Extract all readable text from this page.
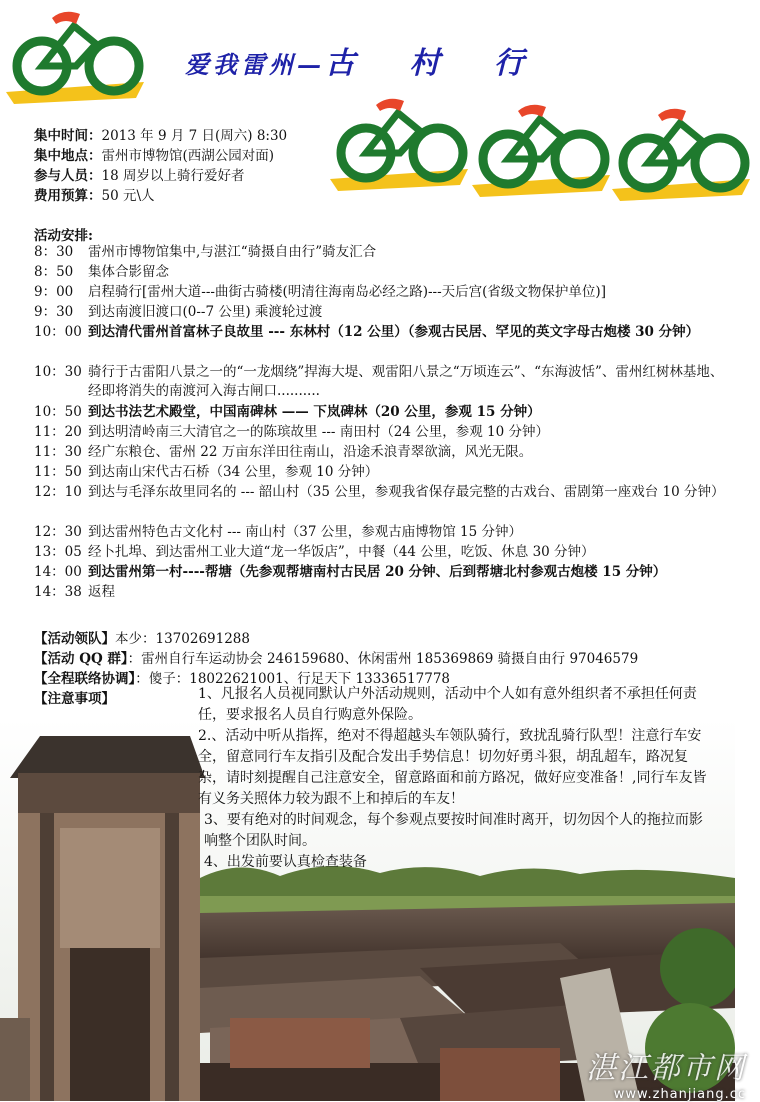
爱我雷州—古 村 行
集中时间：2013 年 9 月 7 日(周六) 8:30
集中地点：雷州市博物馆(西湖公园对面)
参与人员：18 周岁以上骑行爱好者
费用预算：50 元\人
活动安排:
8：30	雷州市博物馆集中,与湛江“骑摄自由行”骑友汇合
8：50	集体合影留念
9：00	启程骑行[雷州大道---曲街古骑楼(明清往海南岛必经之路)---天后宫(省级文物保护单位)]
9：30	到达南渡旧渡口(0--7 公里) 乘渡轮过渡
10：00 到达清代雷州首富林子良故里 --- 东林村（12 公里）（参观古民居、罕见的英文字母古炮楼 30 分钟）
10：30 骑行于古雷阳八景之一的“一龙烟绕”捍海大堤、观雷阳八景之“万顷连云”、“东海波恬”、雷州红树林基地、经即将消失的南渡河入海古闸口..........
10：50 到达书法艺术殿堂，中国南碑林 —— 下岚碑林（20 公里，参观 15 分钟）
11：20 到达明清岭南三大清官之一的陈瑸故里 --- 南田村（24 公里，参观 10 分钟）
11：30 经广东粮仓、雷州 22 万亩东洋田往南山，沿途禾浪青翠欲滴，风光无限。
11：50 到达南山宋代古石桥（34 公里，参观 10 分钟）
12：10 到达与毛泽东故里同名的 --- 韶山村（35 公里，参观我省保存最完整的古戏台、雷剧第一座戏台 10 分钟）
12：30 到达雷州特色古文化村 --- 南山村（37 公里，参观古庙博物馆 15 分钟）
13：05 经卜扎埠、到达雷州工业大道“龙一华饭店”，中餐（44 公里，吃饭、休息 30 分钟）
14：00 到达雷州第一村----帮塘（先参观帮塘南村古民居 20 分钟、后到帮塘北村参观古炮楼 15 分钟）
14：38 返程
【活动领队】本少：13702691288
【活动 QQ 群】：雷州自行车运动协会 246159680、休闲雷州 185369869 骑摄自由行 97046579
【全程联络协调】：傻子：18022621001、行足天下 13336517778
【注意事项】	1、凡报名人员视同默认户外活动规则，活动中个人如有意外组织者不承担任何责任，要求报名人员自行购意外保险。
2.、活动中听从指挥，绝对不得超越头车领队骑行，致扰乱骑行队型！注意行车安全，留意同行车友指引及配合发出手势信息！切勿好勇斗狠，胡乱超车，路况复杂，请时刻提醒自己注意安全，留意路面和前方路况，做好应变准备！,同行车友皆有义务关照体力较为跟不上和掉后的车友！
3、要有绝对的时间观念，每个参观点要按时间准时离开，切勿因个人的拖拉而影响整个团队时间。
4、出发前要认真检查装备
湛江都市网
www.zhanjiang.cc
